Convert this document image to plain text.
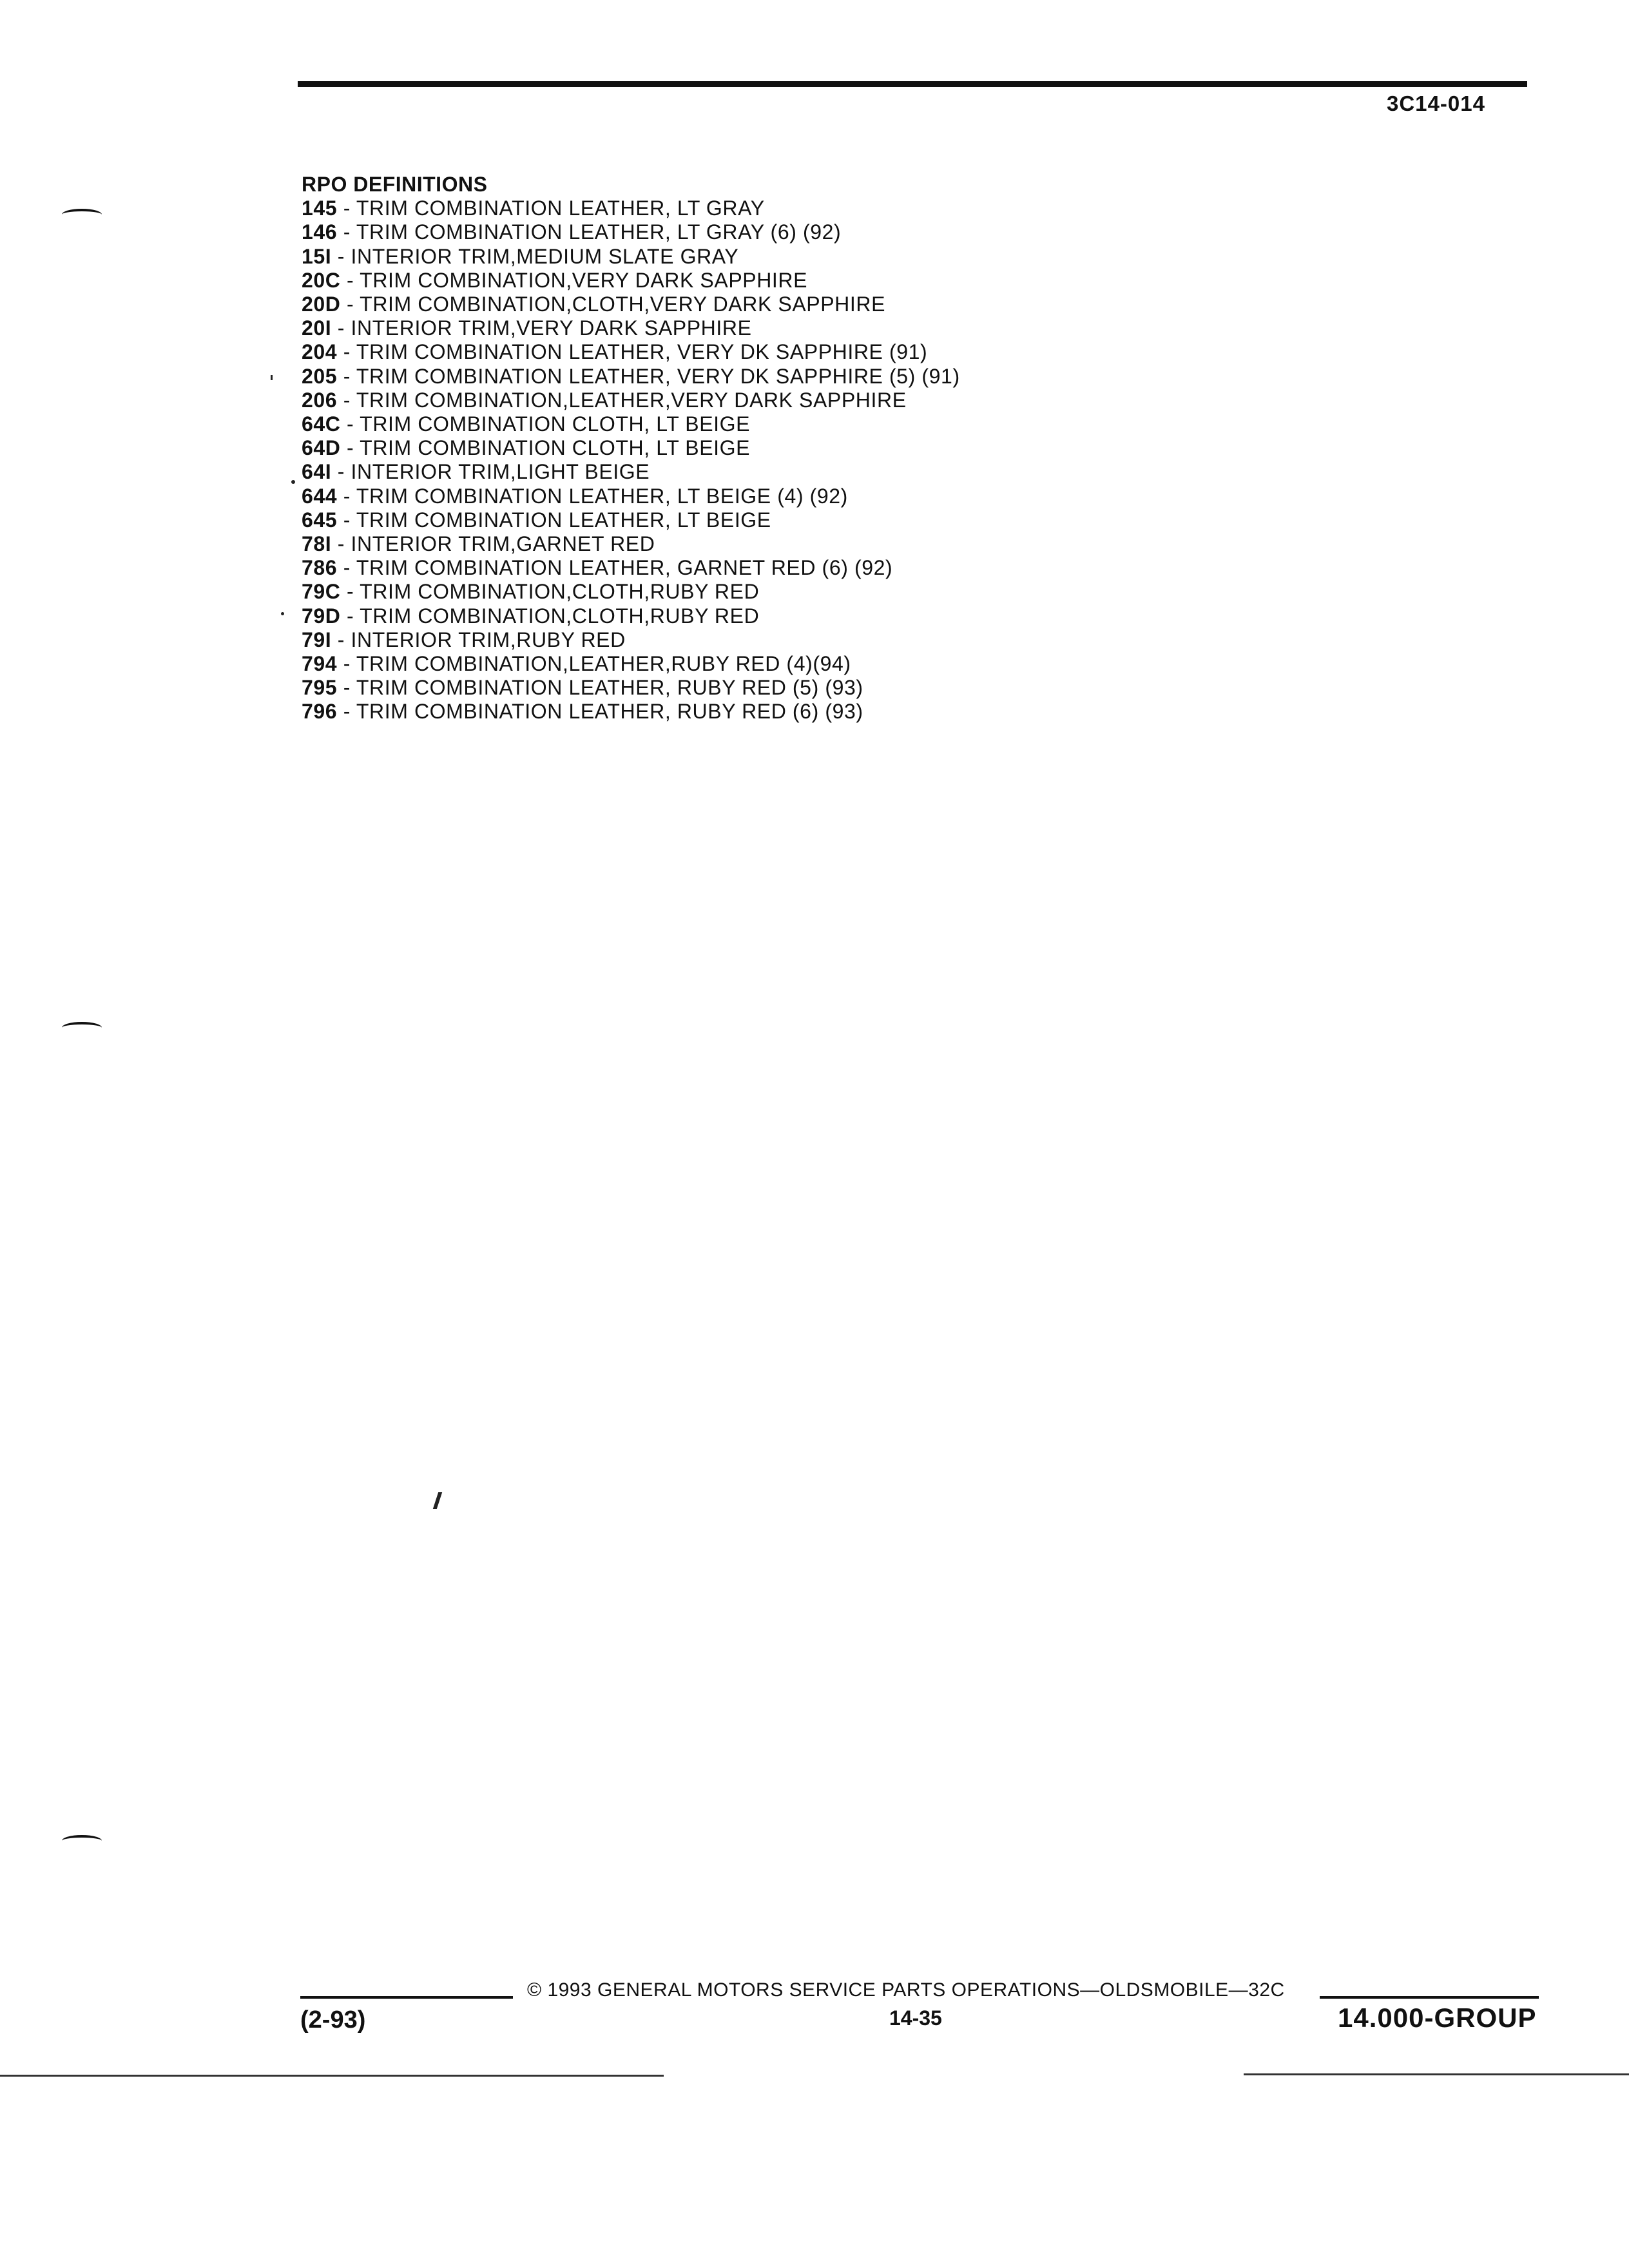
3C14-014
RPO DEFINITIONS
145 - TRIM COMBINATION LEATHER, LT GRAY
146 - TRIM COMBINATION LEATHER, LT GRAY (6) (92)
15I - INTERIOR TRIM,MEDIUM SLATE GRAY
20C - TRIM COMBINATION,VERY DARK SAPPHIRE
20D - TRIM COMBINATION,CLOTH,VERY DARK SAPPHIRE
20I - INTERIOR TRIM,VERY DARK SAPPHIRE
204 - TRIM COMBINATION LEATHER, VERY DK SAPPHIRE (91)
205 - TRIM COMBINATION LEATHER, VERY DK SAPPHIRE (5) (91)
206 - TRIM COMBINATION,LEATHER,VERY DARK SAPPHIRE
64C - TRIM COMBINATION CLOTH, LT BEIGE
64D - TRIM COMBINATION CLOTH, LT BEIGE
64I - INTERIOR TRIM,LIGHT BEIGE
644 - TRIM COMBINATION LEATHER, LT BEIGE (4) (92)
645 - TRIM COMBINATION LEATHER, LT BEIGE
78I - INTERIOR TRIM,GARNET RED
786 - TRIM COMBINATION LEATHER, GARNET RED (6) (92)
79C - TRIM COMBINATION,CLOTH,RUBY RED
79D - TRIM COMBINATION,CLOTH,RUBY RED
79I - INTERIOR TRIM,RUBY RED
794 - TRIM COMBINATION,LEATHER,RUBY RED (4)(94)
795 - TRIM COMBINATION LEATHER, RUBY RED (5) (93)
796 - TRIM COMBINATION LEATHER, RUBY RED (6) (93)
© 1993 GENERAL MOTORS SERVICE PARTS OPERATIONS—OLDSMOBILE—32C
(2-93)	14-35	14.000-GROUP
